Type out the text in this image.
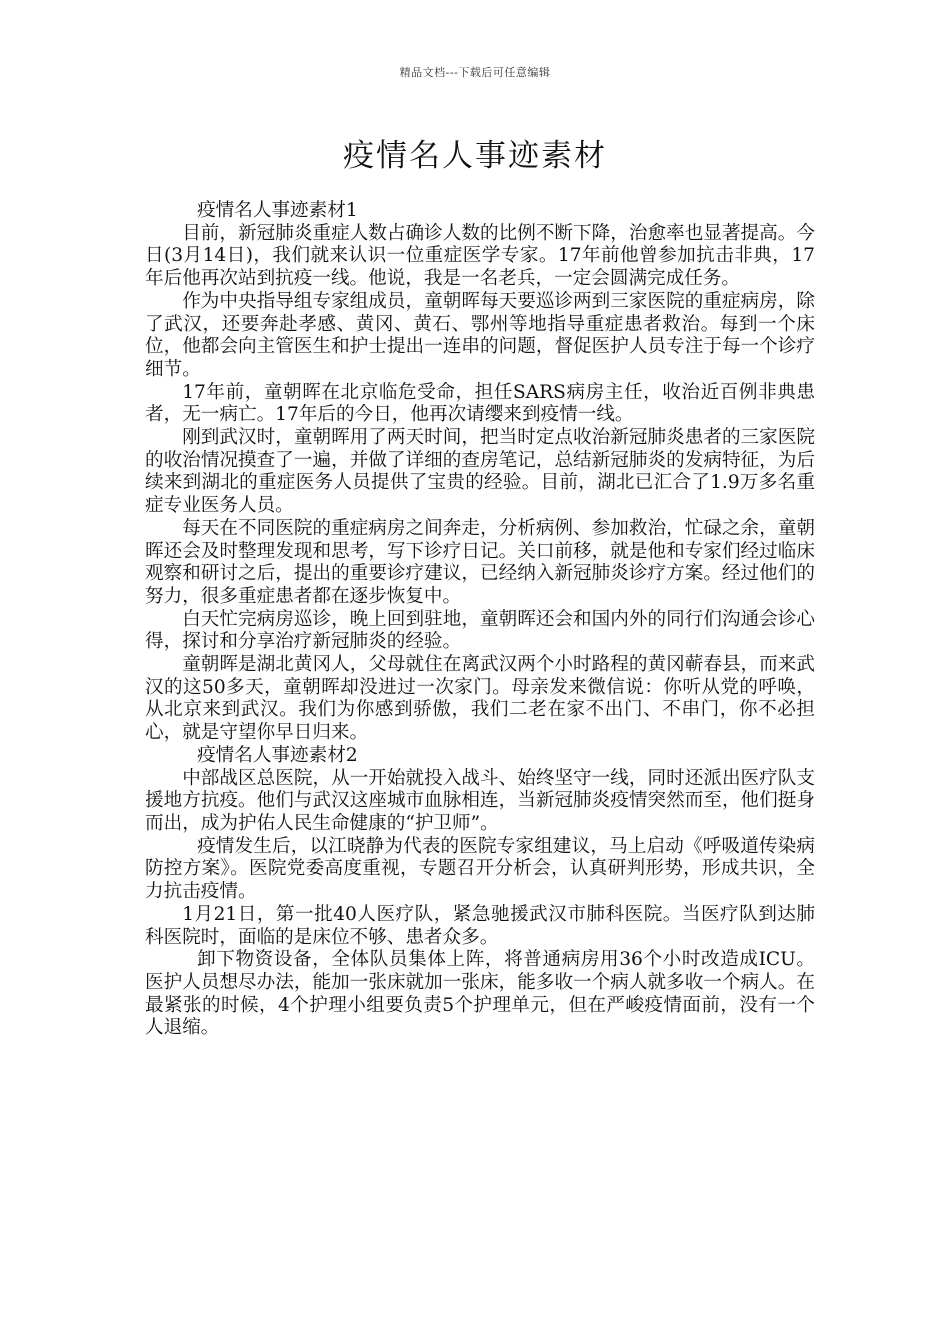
精品文档---下载后可任意编辑
疫情名人事迹素材

疫情名人事迹素材1

目前，新冠肺炎重症人数占确诊人数的比例不断下降，治愈率也显著提高。今日(3月14日)，我们就来认识一位重症医学专家。17年前他曾参加抗击非典，17年后他再次站到抗疫一线。他说，我是一名老兵，一定会圆满完成任务。

作为中央指导组专家组成员，童朝晖每天要巡诊两到三家医院的重症病房，除了武汉，还要奔赴孝感、黄冈、黄石、鄂州等地指导重症患者救治。每到一个床位，他都会向主管医生和护士提出一连串的问题，督促医护人员专注于每一个诊疗细节。

17年前，童朝晖在北京临危受命，担任SARS病房主任，收治近百例非典患者，无一病亡。17年后的今日，他再次请缨来到疫情一线。

刚到武汉时，童朝晖用了两天时间，把当时定点收治新冠肺炎患者的三家医院的收治情况摸查了一遍，并做了详细的查房笔记，总结新冠肺炎的发病特征，为后续来到湖北的重症医务人员提供了宝贵的经验。目前，湖北已汇合了1.9万多名重症专业医务人员。

每天在不同医院的重症病房之间奔走，分析病例、参加救治，忙碌之余，童朝晖还会及时整理发现和思考，写下诊疗日记。关口前移，就是他和专家们经过临床观察和研讨之后，提出的重要诊疗建议，已经纳入新冠肺炎诊疗方案。经过他们的努力，很多重症患者都在逐步恢复中。

白天忙完病房巡诊，晚上回到驻地，童朝晖还会和国内外的同行们沟通会诊心得，探讨和分享治疗新冠肺炎的经验。

童朝晖是湖北黄冈人，父母就住在离武汉两个小时路程的黄冈蕲春县，而来武汉的这50多天，童朝晖却没进过一次家门。母亲发来微信说：你听从党的呼唤，从北京来到武汉。我们为你感到骄傲，我们二老在家不出门、不串门，你不必担心，就是守望你早日归来。

疫情名人事迹素材2

中部战区总医院，从一开始就投入战斗、始终坚守一线，同时还派出医疗队支援地方抗疫。他们与武汉这座城市血脉相连，当新冠肺炎疫情突然而至，他们挺身而出，成为护佑人民生命健康的“护卫师”。

疫情发生后，以江晓静为代表的医院专家组建议，马上启动《呼吸道传染病防控方案》。医院党委高度重视，专题召开分析会，认真研判形势，形成共识，全力抗击疫情。

1月21日，第一批40人医疗队，紧急驰援武汉市肺科医院。当医疗队到达肺科医院时，面临的是床位不够、患者众多。

卸下物资设备，全体队员集体上阵，将普通病房用36个小时改造成ICU。医护人员想尽办法，能加一张床就加一张床，能多收一个病人就多收一个病人。在最紧张的时候，4个护理小组要负责5个护理单元，但在严峻疫情面前，没有一个人退缩。
